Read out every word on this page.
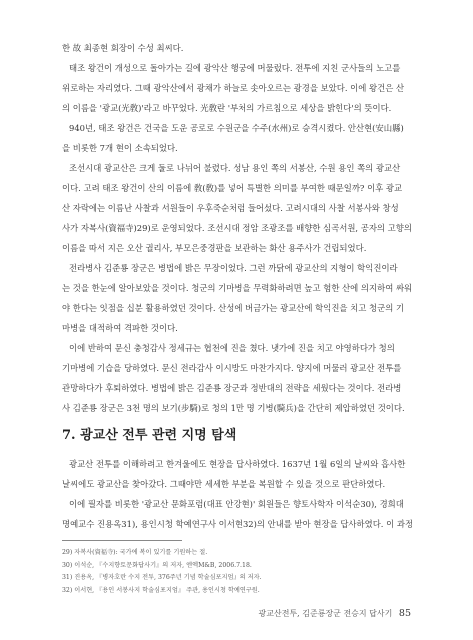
한 故 최종현 회장이 수성 최씨다.

태조 왕건이 개성으로 돌아가는 길에 광악산 행궁에 머물렀다. 전투에 지친 군사들의 노고를

위로하는 자리였다. 그때 광악산에서 광채가 하늘로 솟아오르는 광경을 보았다. 이에 왕건은 산

의 이름을 '광교(光敎)'라고 바꾸었다. 光敎란 '부처의 가르침으로 세상을 밝힌다'의 뜻이다.

940년, 태조 왕건은 건국을 도운 공로로 수원군을 수주(水州)로 승격시켰다. 안산현(安山縣)

을 비롯한 7개 현이 소속되었다.

조선시대 광교산은 크게 둘로 나뉘어 불렸다. 성남 용인 쪽의 서봉산, 수원 용인 쪽의 광교산

이다. 고려 태조 왕건이 산의 이름에 敎(敎)를 넣어 특별한 의미를 부여한 때문일까? 이후 광교

산 자락에는 이름난 사찰과 서원들이 우후죽순처럼 들어섰다. 고려시대의 사찰 서봉사와 창성

사가 자복사(資福寺)29)로 운영되었다. 조선시대 정암 조광조를 배향한 심곡서원, 공자의 고향의

이름을 따서 지은 오산 궐리사, 부모은중경판을 보관하는 화산 용주사가 건립되었다.

전라병사 김준룡 장군은 병법에 밝은 무장이었다. 그런 까닭에 광교산의 지형이 학익진이라

는 것을 한눈에 알아보았을 것이다. 청군의 기마병을 무력화하려면 높고 험한 산에 의지하여 싸워

야 한다는 잇점을 십분 활용하였던 것이다. 산성에 버금가는 광교산에 학익진을 치고 청군의 기

마병을 대적하여 격파한 것이다.

이에 반하여 문신 충청감사 정세규는 협천에 진을 쳤다. 냇가에 진을 치고 야영하다가 청의

기마병에 기습을 당하였다. 문신 전라감사 이시방도 마찬가지다. 양지에 머물러 광교산 전투를

관망하다가 후퇴하였다. 병법에 밝은 김준룡 장군과 정반대의 전략을 세웠다는 것이다. 전라병

사 김준룡 장군은 3천 명의 보기(步騎)로 청의 1만 명 기병(騎兵)을 간단히 제압하였던 것이다.

7. 광교산 전투 관련 지명 탐색

광교산 전투를 이해하려고 한겨울에도 현장을 답사하였다. 1637년 1월 6일의 날씨와 흡사한

날씨에도 광교산을 찾아갔다. 그때야만 세세한 부분을 복원할 수 있을 것으로 판단하였다.

이에 필자를 비롯한 '광교산 문화포럼(대표 안강현)' 회원들은 향토사학자 이석순30), 경희대

명예교수 진용옥31), 용인시청 학예연구사 이서현32)의 안내를 받아 현장을 답사하였다. 이 과정

29) 자복사(資福寺): 국가에 복이 있기를 기원하는 절.

30) 이석순, 『수지향토문화답사기』의 저자, 엔엑M&B, 2006.7.18.

31) 진용옥, 『병자호란 수지 전투, 376주년 기념 학술심포지엄』의 저자.

32) 이서현, 『용인 서봉사지 학술심포지엄』 주관, 용인시청 학예연구원.

광교산전투, 김준룡장군 전승지 답사기 85
